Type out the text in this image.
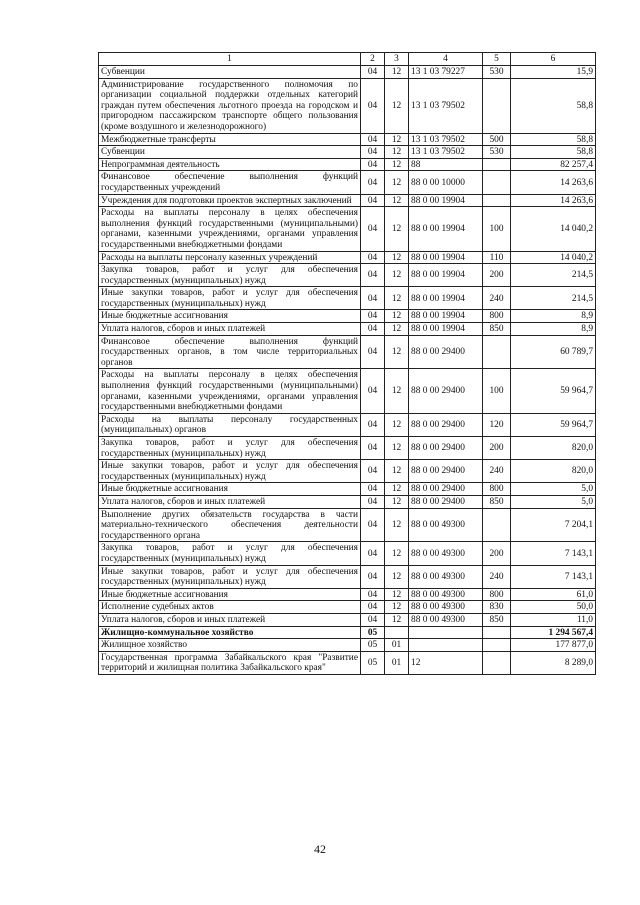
1	2	3	4	5	6
Субвенции	04	12	13 1 03 79227	530	15,9
Администрирование государственного полномочия по организации социальной поддержки отдельных категорий граждан путем обеспечения льготного проезда на городском и пригородном пассажирском транспорте общего пользования (кроме воздушного и железнодорожного)	04	12	13 1 03 79502		58,8
Межбюджетные трансферты	04	12	13 1 03 79502	500	58,8
Субвенции	04	12	13 1 03 79502	530	58,8
Непрограммная деятельность	04	12	88		82 257,4
Финансовое обеспечение выполнения функций государственных учреждений	04	12	88 0 00 10000		14 263,6
Учреждения для подготовки проектов экспертных заключений	04	12	88 0 00 19904		14 263,6
Расходы на выплаты персоналу в целях обеспечения выполнения функций государственными (муниципальными) органами, казенными учреждениями, органами управления государственными внебюджетными фондами	04	12	88 0 00 19904	100	14 040,2
Расходы на выплаты персоналу казенных учреждений	04	12	88 0 00 19904	110	14 040,2
Закупка товаров, работ и услуг для обеспечения государственных (муниципальных) нужд	04	12	88 0 00 19904	200	214,5
Иные закупки товаров, работ и услуг для обеспечения государственных (муниципальных) нужд	04	12	88 0 00 19904	240	214,5
Иные бюджетные ассигнования	04	12	88 0 00 19904	800	8,9
Уплата налогов, сборов и иных платежей	04	12	88 0 00 19904	850	8,9
Финансовое обеспечение выполнения функций государственных органов, в том числе территориальных органов	04	12	88 0 00 29400		60 789,7
Расходы на выплаты персоналу в целях обеспечения выполнения функций государственными (муниципальными) органами, казенными учреждениями, органами управления государственными внебюджетными фондами	04	12	88 0 00 29400	100	59 964,7
Расходы на выплаты персоналу государственных (муниципальных) органов	04	12	88 0 00 29400	120	59 964,7
Закупка товаров, работ и услуг для обеспечения государственных (муниципальных) нужд	04	12	88 0 00 29400	200	820,0
Иные закупки товаров, работ и услуг для обеспечения государственных (муниципальных) нужд	04	12	88 0 00 29400	240	820,0
Иные бюджетные ассигнования	04	12	88 0 00 29400	800	5,0
Уплата налогов, сборов и иных платежей	04	12	88 0 00 29400	850	5,0
Выполнение других обязательств государства в части материально-технического обеспечения деятельности государственного органа	04	12	88 0 00 49300		7 204,1
Закупка товаров, работ и услуг для обеспечения государственных (муниципальных) нужд	04	12	88 0 00 49300	200	7 143,1
Иные закупки товаров, работ и услуг для обеспечения государственных (муниципальных) нужд	04	12	88 0 00 49300	240	7 143,1
Иные бюджетные ассигнования	04	12	88 0 00 49300	800	61,0
Исполнение судебных актов	04	12	88 0 00 49300	830	50,0
Уплата налогов, сборов и иных платежей	04	12	88 0 00 49300	850	11,0
Жилищно-коммунальное хозяйство	05				1 294 567,4
Жилищное хозяйство	05	01			177 877,0
Государственная программа Забайкальского края "Развитие территорий и жилищная политика Забайкальского края"	05	01	12		8 289,0
42
